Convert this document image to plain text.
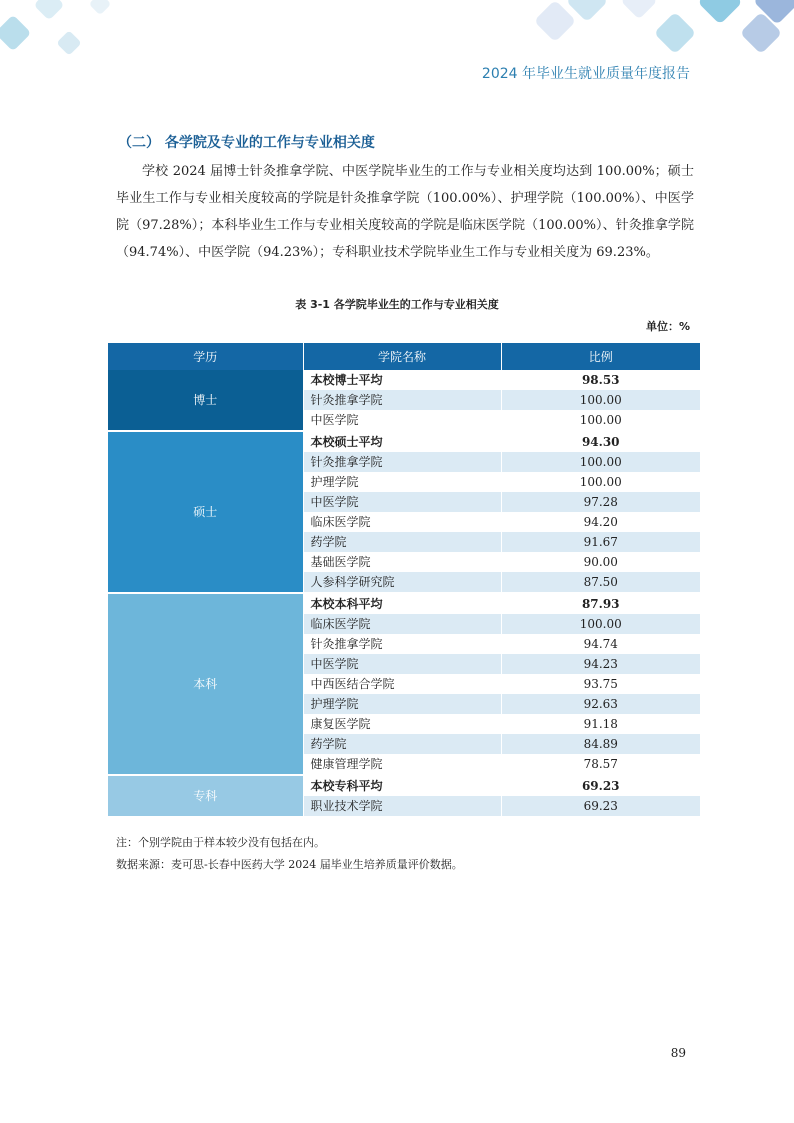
2024 年毕业生就业质量年度报告
（二） 各学院及专业的工作与专业相关度
学校 2024 届博士针灸推拿学院、中医学院毕业生的工作与专业相关度均达到 100.00%；硕士毕业生工作与专业相关度较高的学院是针灸推拿学院（100.00%）、护理学院（100.00%）、中医学院（97.28%）；本科毕业生工作与专业相关度较高的学院是临床医学院（100.00%）、针灸推拿学院（94.74%）、中医学院（94.23%）；专科职业技术学院毕业生工作与专业相关度为 69.23%。
表 3-1 各学院毕业生的工作与专业相关度
单位：%
学历	学院名称	比例
博士	本校博士平均	98.53
	针灸推拿学院	100.00
	中医学院	100.00
硕士	本校硕士平均	94.30
	针灸推拿学院	100.00
	护理学院	100.00
	中医学院	97.28
	临床医学院	94.20
	药学院	91.67
	基础医学院	90.00
	人参科学研究院	87.50
本科	本校本科平均	87.93
	临床医学院	100.00
	针灸推拿学院	94.74
	中医学院	94.23
	中西医结合学院	93.75
	护理学院	92.63
	康复医学院	91.18
	药学院	84.89
	健康管理学院	78.57
专科	本校专科平均	69.23
	职业技术学院	69.23
注：个别学院由于样本较少没有包括在内。
数据来源：麦可思-长春中医药大学 2024 届毕业生培养质量评价数据。
89
